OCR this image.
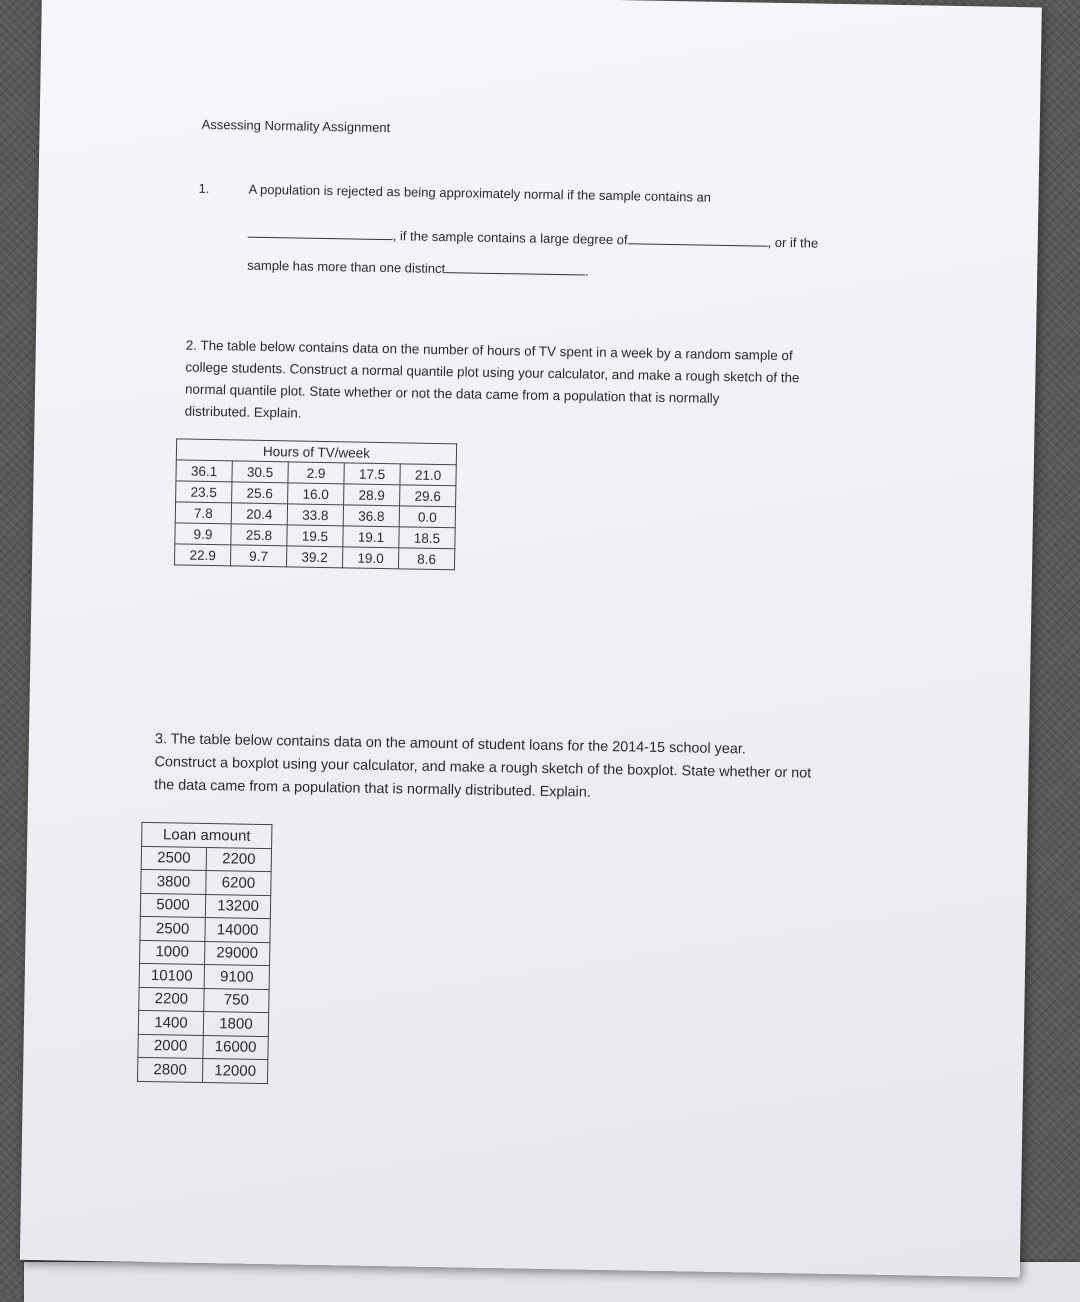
Assessing Normality Assignment
1.	A population is rejected as being approximately normal if the sample contains an
, if the sample contains a large degree of	, or if the
sample has more than one distinct	.
2. The table below contains data on the number of hours of TV spent in a week by a random sample of
college students. Construct a normal quantile plot using your calculator, and make a rough sketch of the
normal quantile plot. State whether or not the data came from a population that is normally
distributed. Explain.
Hours of TV/week				
36.1	30.5	2.9	17.5	21.0
23.5	25.6	16.0	28.9	29.6
7.8	20.4	33.8	36.8	0.0
9.9	25.8	19.5	19.1	18.5
22.9	9.7	39.2	19.0	8.6
3. The table below contains data on the amount of student loans for the 2014-15 school year.
Construct a boxplot using your calculator, and make a rough sketch of the boxplot. State whether or not
the data came from a population that is normally distributed. Explain.
Loan amount	
2500	2200
3800	6200
5000	13200
2500	14000
1000	29000
10100	9100
2200	750
1400	1800
2000	16000
2800	12000
